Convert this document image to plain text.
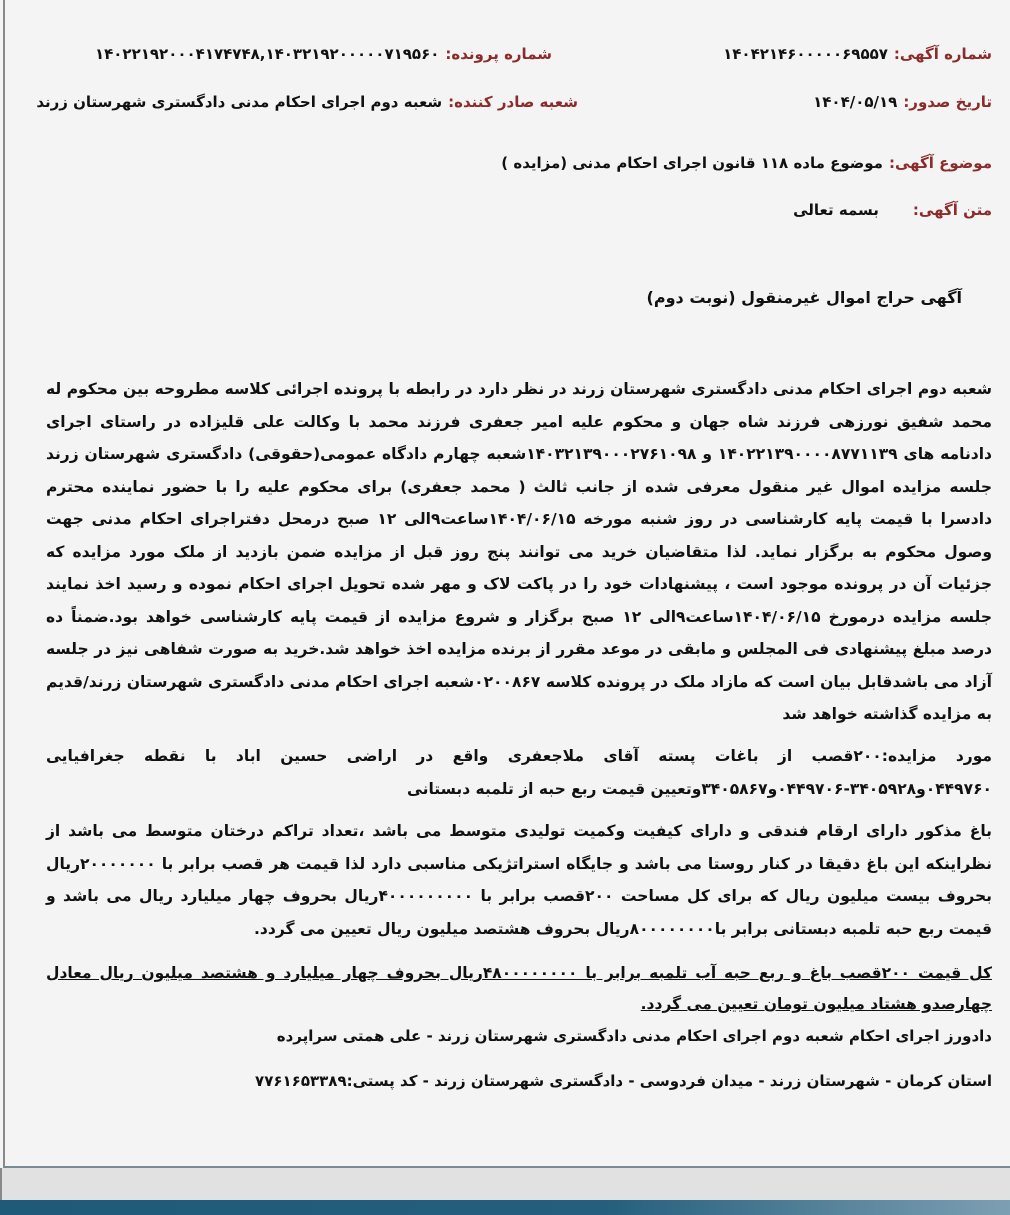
شماره آگهی:۱۴۰۴۲۱۴۶۰۰۰۰۰۶۹۵۵۷
شماره پرونده:۱۴۰۲۲۱۹۲۰۰۰۴۱۷۴۷۴۸,۱۴۰۳۲۱۹۲۰۰۰۰۰۷۱۹۵۶۰
تاریخ صدور:۱۴۰۴/۰۵/۱۹
شعبه صادر کننده:شعبه دوم اجرای احکام مدنی دادگستری شهرستان زرند
موضوع آگهی:موضوع ماده ۱۱۸ قانون اجرای احکام مدنی (مزایده )
متن آگهی:بسمه تعالی
آگهی حراج اموال غیرمنقول (نوبت دوم)
شعبه دوم اجرای احکام مدنی دادگستری شهرستان زرند در نظر دارد در رابطه با پرونده اجرائی کلاسه مطروحه بین محکوم له محمد شفیق نورزهی فرزند شاه جهان و محکوم علیه امیر جعفری فرزند محمد با وکالت علی قلیزاده در راستای اجرای دادنامه های ۱۴۰۲۲۱۳۹۰۰۰۰۸۷۷۱۱۳۹ و ۱۴۰۳۲۱۳۹۰۰۰۲۷۶۱۰۹۸شعبه چهارم دادگاه عمومی(حقوقی) دادگستری شهرستان زرند جلسه مزایده اموال غیر منقول معرفی شده از جانب ثالث ( محمد جعفری) برای محکوم علیه را با حضور نماینده محترم دادسرا با قیمت پایه کارشناسی در روز شنبه مورخه ۱۴۰۴/۰۶/۱۵ساعت۹الی ۱۲ صبح درمحل دفتراجرای احکام مدنی جهت وصول محکوم به برگزار نماید. لذا متقاضیان خرید می توانند پنج روز قبل از مزایده ضمن بازدید از ملک مورد مزایده که جزئیات آن در پرونده موجود است ، پیشنهادات خود را در پاکت لاک و مهر شده تحویل اجرای احکام نموده و رسید اخذ نمایند جلسه مزایده درمورخ ۱۴۰۴/۰۶/۱۵ساعت۹الی ۱۲ صبح برگزار و شروع مزایده از قیمت پایه کارشناسی خواهد بود.ضمناً ده درصد مبلغ پیشنهادی فی المجلس و مابقی در موعد مقرر از برنده مزایده اخذ خواهد شد.خرید به صورت شفاهی نیز در جلسه آزاد می باشدقابل بیان است که مازاد ملک در پرونده کلاسه ۰۲۰۰۸۶۷شعبه اجرای احکام مدنی دادگستری شهرستان زرند/قدیم به مزایده گذاشته خواهد شد
مورد مزایده:۲۰۰قصب از باغات پسته آقای ملاجعفری واقع در اراضی حسین اباد با نقطه جغرافیایی ۰۴۴۹۷۶۰و۳۴۰۵۹۲۸-۰۴۴۹۷۰۶و۳۴۰۵۸۶۷وتعیین قیمت ربع حبه از تلمبه دبستانی
باغ مذکور دارای ارقام فندقی و دارای کیفیت وکمیت تولیدی متوسط می باشد ،تعداد تراکم درختان متوسط می باشد از نظراینکه این باغ دقیقا در کنار روستا می باشد و جایگاه استراتژیکی مناسبی دارد لذا قیمت هر قصب برابر با ۲۰۰۰۰۰۰۰ریال بحروف بیست میلیون ریال که برای کل مساحت ۲۰۰قصب برابر با ۴۰۰۰۰۰۰۰۰۰ریال بحروف چهار میلیارد ریال می باشد و قیمت ربع حبه تلمبه دبستانی برابر با۸۰۰۰۰۰۰۰۰ریال بحروف هشتصد میلیون ریال تعیین می گردد.
کل قیمت ۲۰۰قصب باغ و ربع حبه آب تلمبه برابر با ۴۸۰۰۰۰۰۰۰۰ریال بحروف چهار میلیارد و هشتصد میلیون ریال معادل چهارصدو هشتاد میلیون تومان تعیین می گردد.
دادورز اجرای احکام شعبه دوم اجرای احکام مدنی دادگستری شهرستان زرند - علی همتی سراپرده
استان کرمان - شهرستان زرند - میدان فردوسی - دادگستری شهرستان زرند - کد پستی:۷۷۶۱۶۵۳۳۸۹
